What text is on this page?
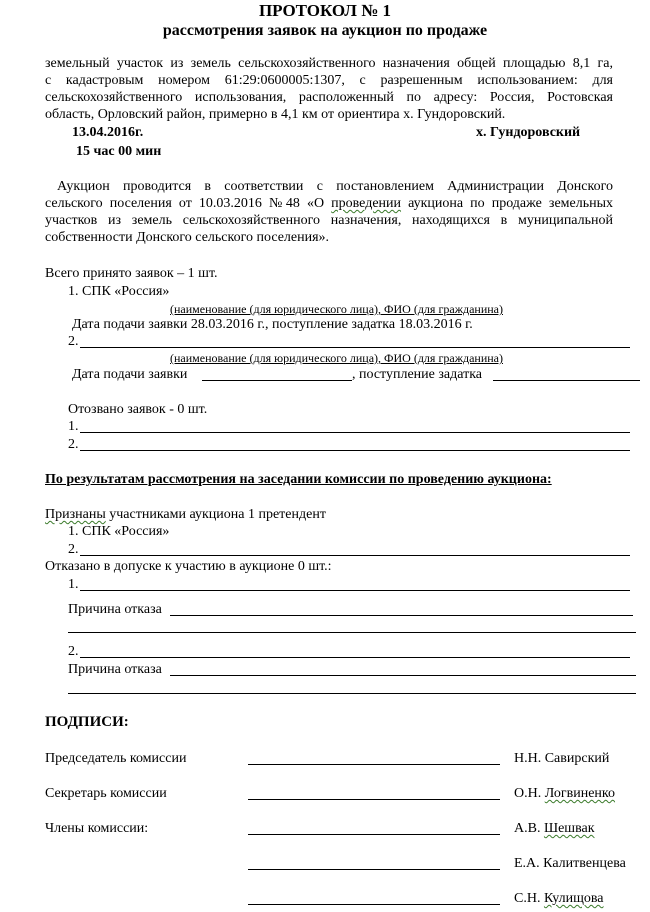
ПРОТОКОЛ № 1
рассмотрения заявок на аукцион по продаже
земельный участок из земель сельскохозяйственного назначения общей площадью 8,1 га,
с кадастровым номером 61:29:0600005:1307, с разрешенным использованием: для
сельскохозяйственного использования, расположенный по адресу: Россия, Ростовская
область, Орловский район, примерно в 4,1 км от ориентира х. Гундоровский.
13.04.2016г.	х. Гундоровский
15 час 00 мин
Аукцион проводится в соответствии с постановлением Администрации Донского
сельского поселения от 10.03.2016 №48 «О проведении аукциона по продаже земельных
участков из земель сельскохозяйственного назначения, находящихся в муниципальной
собственности Донского сельского поселения».
Всего принято заявок – 1 шт.
1. СПК «Россия»
(наименование (для юридического лица), ФИО (для гражданина)
Дата подачи заявки 28.03.2016 г., поступление задатка 18.03.2016 г.
2.
(наименование (для юридического лица), ФИО (для гражданина)
Дата подачи заявки	, поступление задатка
Отозвано заявок - 0 шт.
1.
2.
По результатам рассмотрения на заседании комиссии по проведению аукциона:
Признаны участниками аукциона 1 претендент
1. СПК «Россия»
2.
Отказано в допуске к участию в аукционе 0 шт.:
1.
Причина отказа
2.
Причина отказа
ПОДПИСИ:
Председатель комиссии	Н.Н. Савирский
Секретарь комиссии	О.Н. Логвиненко
Члены комиссии:	А.В. Шешвак
Е.А. Калитвенцева
С.Н. Кулищова
